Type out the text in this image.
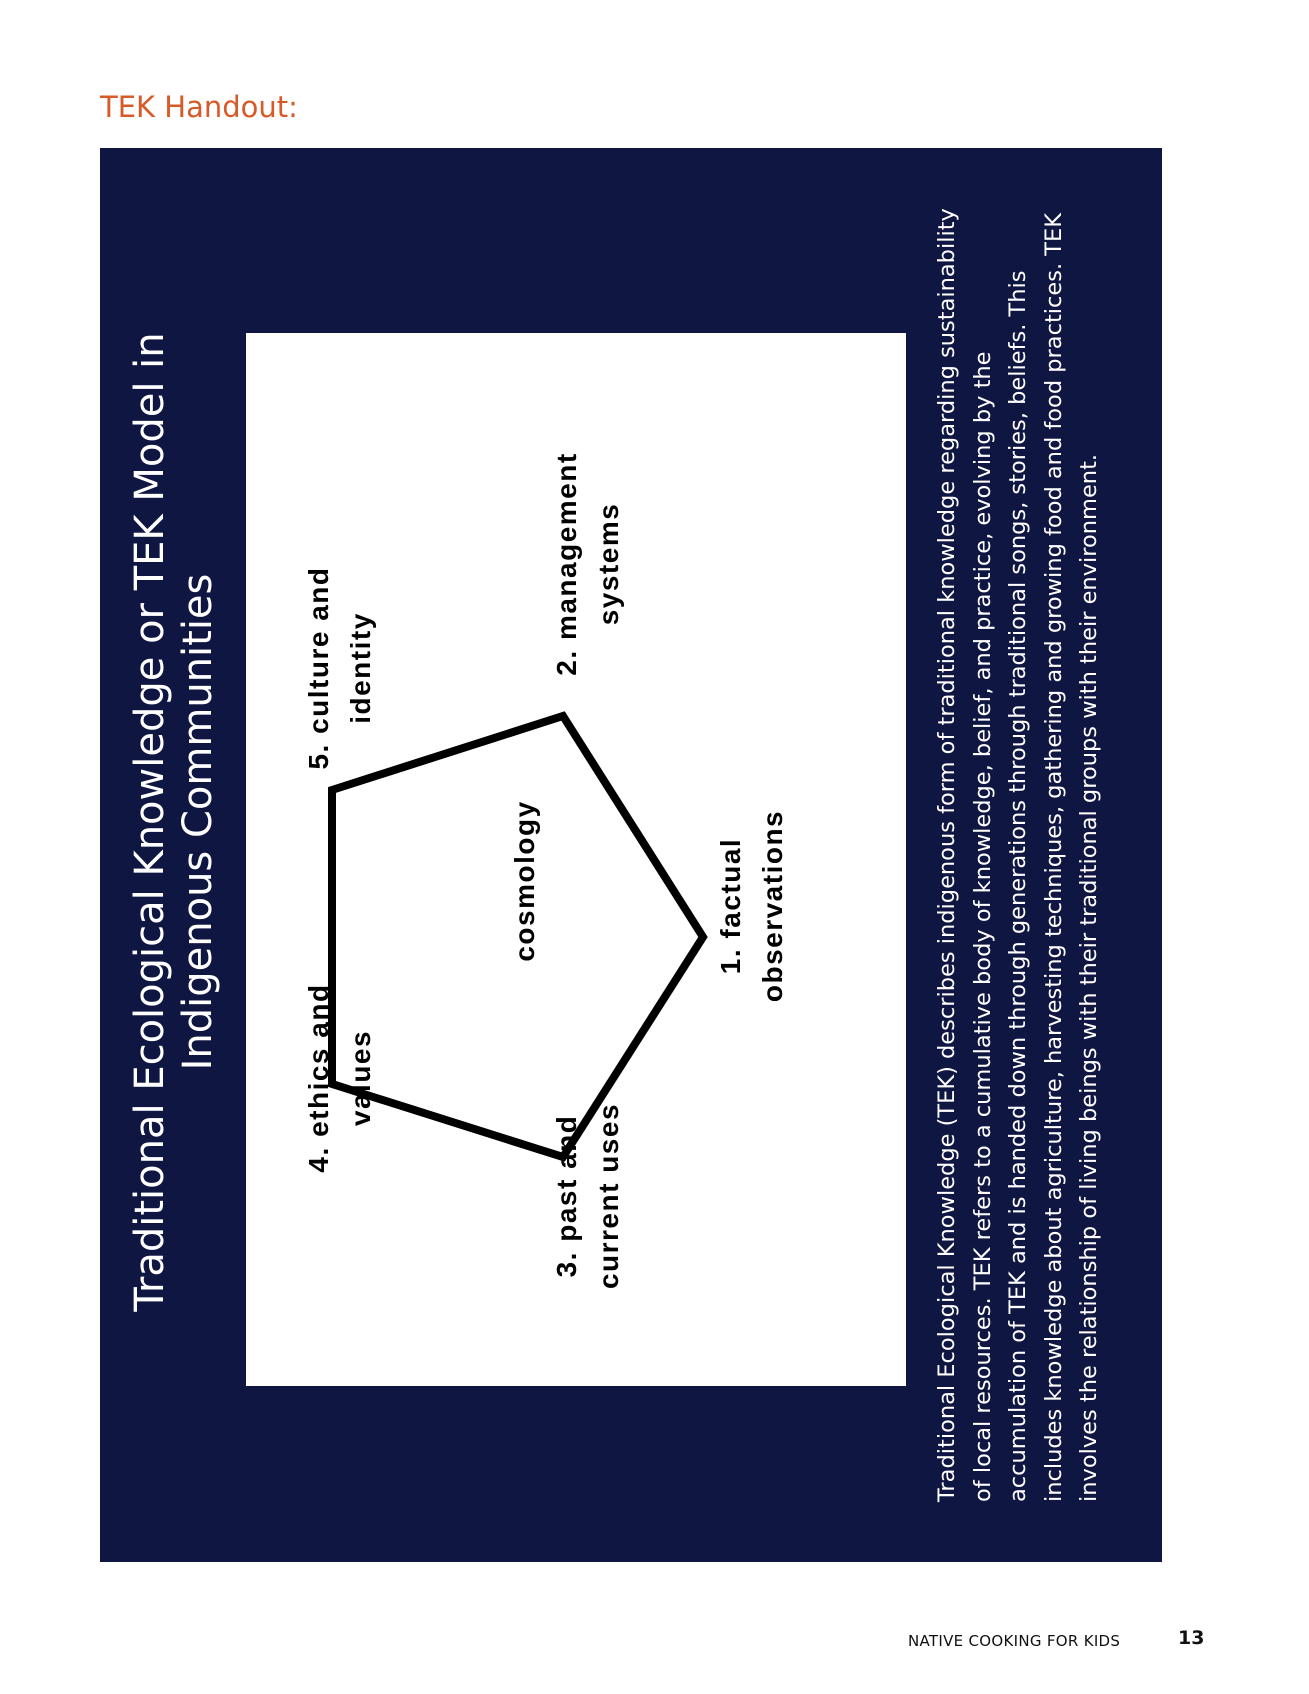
TEK Handout:
Traditional Ecological Knowledge or TEK Model in Indigenous Communities	cosmology	1. factual
observations
2. management
systems
3. past and
current uses
4. ethics and
values
5. culture and
identity	Traditional Ecological Knowledge (TEK) describes indigenous form of traditional knowledge regarding sustainability of local resources. TEK refers to a cumulative body of knowledge, belief, and practice, evolving by the accumulation of TEK and is handed down through generations through traditional songs, stories, beliefs. This includes knowledge about agriculture, harvesting techniques, gathering and growing food and food practices. TEK involves the relationship of living beings with their traditional groups with their environment.

NATIVE COOKING FOR KIDS	13
